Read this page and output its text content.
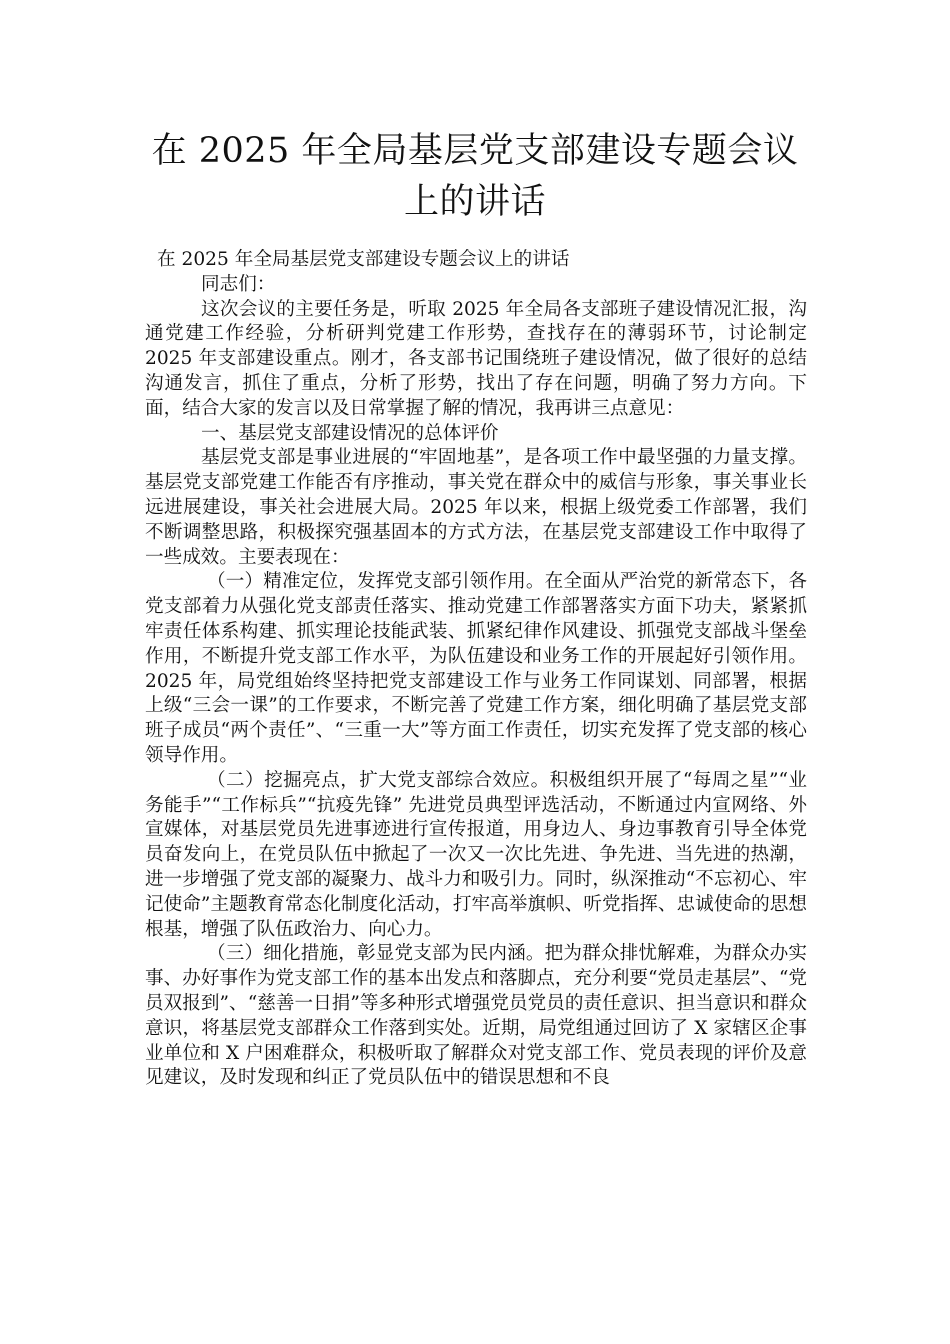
在 2025 年全局基层党支部建设专题会议上的讲话

在 2025 年全局基层党支部建设专题会议上的讲话

同志们：

这次会议的主要任务是，听取 2025 年全局各支部班子建设情况汇报，沟通党建工作经验，分析研判党建工作形势，查找存在的薄弱环节，讨论制定 2025 年支部建设重点。刚才，各支部书记围绕班子建设情况，做了很好的总结沟通发言，抓住了重点，分析了形势，找出了存在问题，明确了努力方向。下面，结合大家的发言以及日常掌握了解的情况，我再讲三点意见：

一、基层党支部建设情况的总体评价

基层党支部是事业进展的“牢固地基”，是各项工作中最坚强的力量支撑。基层党支部党建工作能否有序推动，事关党在群众中的威信与形象，事关事业长远进展建设，事关社会进展大局。2025 年以来，根据上级党委工作部署，我们不断调整思路，积极探究强基固本的方式方法，在基层党支部建设工作中取得了一些成效。主要表现在：

（一）精准定位，发挥党支部引领作用。在全面从严治党的新常态下，各党支部着力从强化党支部责任落实、推动党建工作部署落实方面下功夫，紧紧抓牢责任体系构建、抓实理论技能武装、抓紧纪律作风建设、抓强党支部战斗堡垒作用，不断提升党支部工作水平，为队伍建设和业务工作的开展起好引领作用。2025 年，局党组始终坚持把党支部建设工作与业务工作同谋划、同部署，根据上级“三会一课”的工作要求，不断完善了党建工作方案，细化明确了基层党支部班子成员“两个责任”、“三重一大”等方面工作责任，切实充发挥了党支部的核心领导作用。

（二）挖掘亮点，扩大党支部综合效应。积极组织开展了“每周之星”“业务能手”“工作标兵”“抗疫先锋” 先进党员典型评选活动，不断通过内宣网络、外宣媒体，对基层党员先进事迹进行宣传报道，用身边人、身边事教育引导全体党员奋发向上，在党员队伍中掀起了一次又一次比先进、争先进、当先进的热潮，进一步增强了党支部的凝聚力、战斗力和吸引力。同时，纵深推动“不忘初心、牢记使命”主题教育常态化制度化活动，打牢高举旗帜、听党指挥、忠诚使命的思想根基，增强了队伍政治力、向心力。

（三）细化措施，彰显党支部为民内涵。把为群众排忧解难，为群众办实事、办好事作为党支部工作的基本出发点和落脚点，充分利要“党员走基层”、“党员双报到”、“慈善一日捐”等多种形式增强党员党员的责任意识、担当意识和群众意识，将基层党支部群众工作落到实处。近期，局党组通过回访了 X 家辖区企事业单位和 X 户困难群众，积极听取了解群众对党支部工作、党员表现的评价及意见建议，及时发现和纠正了党员队伍中的错误思想和不良
